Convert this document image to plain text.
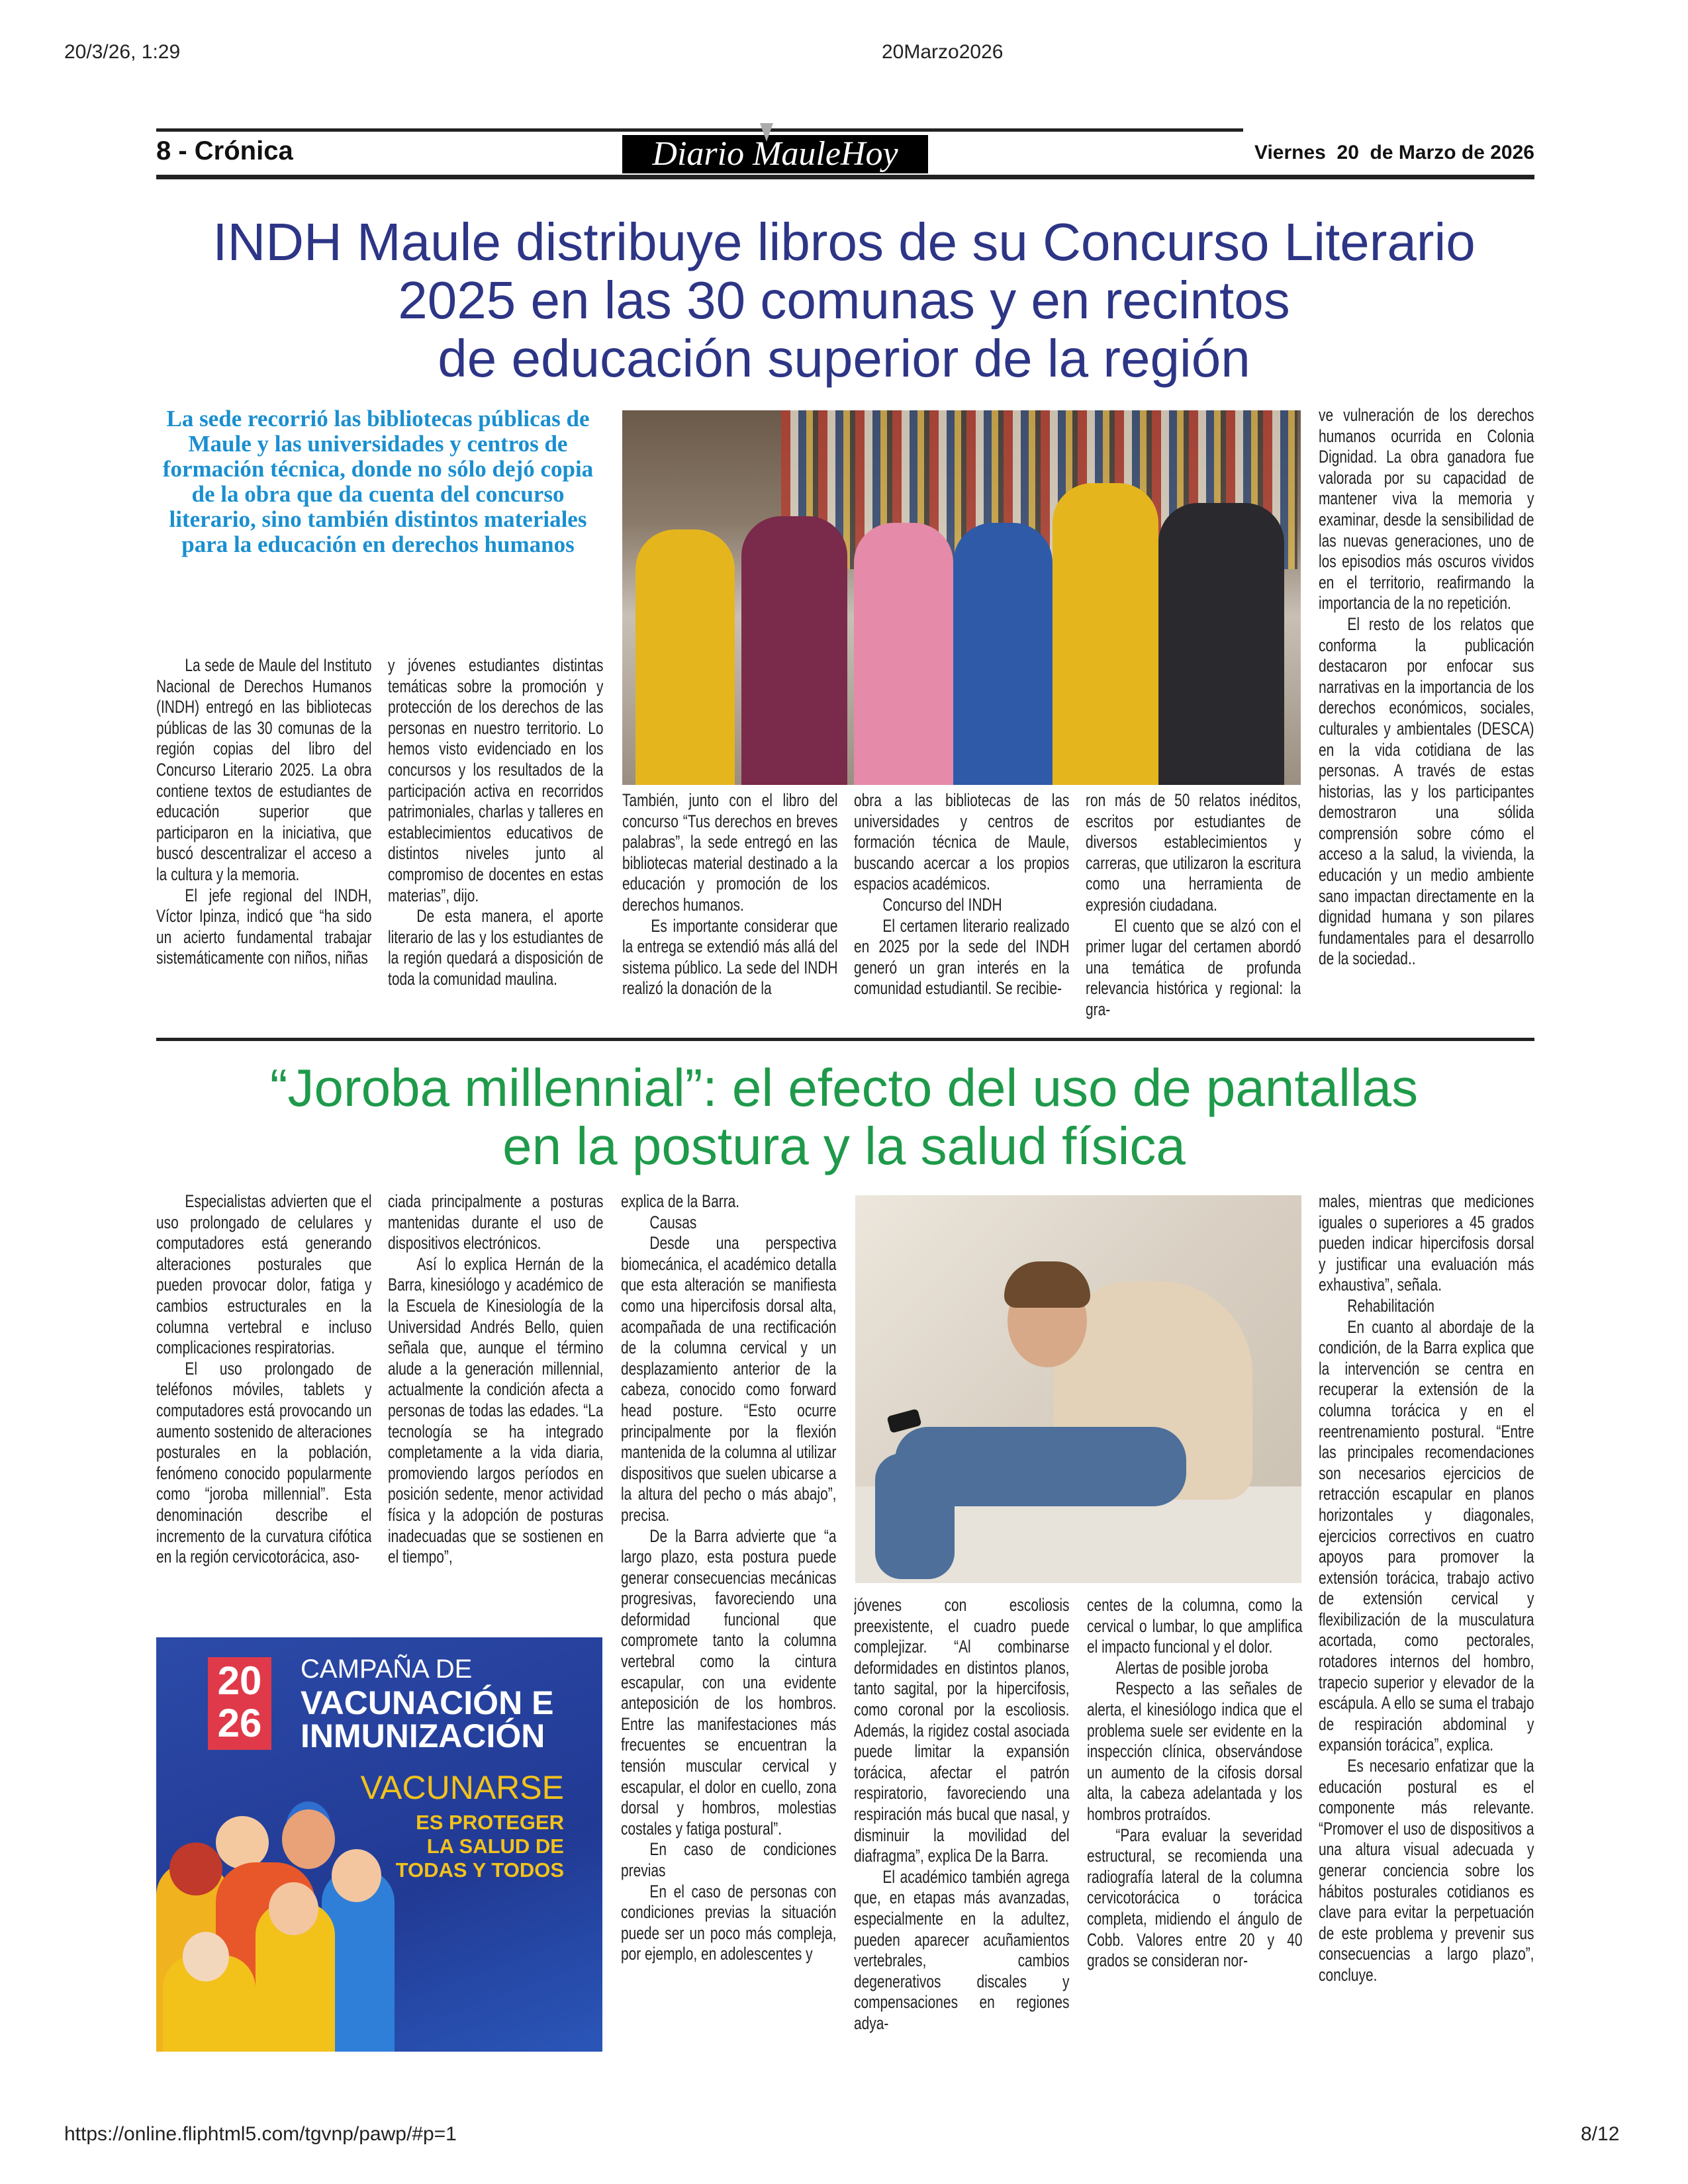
20/3/26, 1:29	20Marzo2026
https://online.fliphtml5.com/tgvnp/pawp/#p=1	8/12
8 - Crónica	Diario MauleHoy	Viernes  20  de Marzo de 2026
INDH Maule distribuye libros de su Concurso Literario
2025 en las 30 comunas y en recintos
de educación superior de la región
La sede recorrió las bibliotecas públicas de Maule y las universidades y centros de formación técnica, donde no sólo dejó copia de la obra que da cuenta del concurso literario, sino también distintos materiales para la educación en derechos humanos

La sede de Maule del Instituto Nacional de Derechos Humanos (INDH) entregó en las bibliotecas públicas de las 30 comunas de la región copias del libro del Concurso Literario 2025. La obra contiene textos de estudiantes de educación superior que participaron en la iniciativa, que buscó descentralizar el acceso a la cultura y la memoria.

El jefe regional del INDH, Víctor Ipinza, indicó que “ha sido un acierto fundamental trabajar sistemáticamente con niños, niñas

y jóvenes estudiantes distintas temáticas sobre la promoción y protección de los derechos de las personas en nuestro territorio. Lo hemos visto evidenciado en los concursos y los resultados de la participación activa en recorridos patrimoniales, charlas y talleres en establecimientos educativos de distintos niveles junto al compromiso de docentes en estas materias”, dijo.

De esta manera, el aporte literario de las y los estudiantes de la región quedará a disposición de toda la comunidad maulina.

También, junto con el libro del concurso “Tus derechos en breves palabras”, la sede entregó en las bibliotecas material destinado a la educación y promoción de los derechos humanos.

Es importante considerar que la entrega se extendió más allá del sistema público. La sede del INDH realizó la donación de la

obra a las bibliotecas de las universidades y centros de formación técnica de Maule, buscando acercar a los propios espacios académicos.

Concurso del INDH

El certamen literario realizado en 2025 por la sede del INDH generó un gran interés en la comunidad estudiantil. Se recibie-

ron más de 50 relatos inéditos, escritos por estudiantes de diversos establecimientos y carreras, que utilizaron la escritura como una herramienta de expresión ciudadana.

El cuento que se alzó con el primer lugar del certamen abordó una temática de profunda relevancia histórica y regional: la gra-

ve vulneración de los derechos humanos ocurrida en Colonia Dignidad. La obra ganadora fue valorada por su capacidad de mantener viva la memoria y examinar, desde la sensibilidad de las nuevas generaciones, uno de los episodios más oscuros vividos en el territorio, reafirmando la importancia de la no repetición.

El resto de los relatos que conforma la publicación destacaron por enfocar sus narrativas en la importancia de los derechos económicos, sociales, culturales y ambientales (DESCA) en la vida cotidiana de las personas. A través de estas historias, las y los participantes demostraron una sólida comprensión sobre cómo el acceso a la salud, la vivienda, la educación y un medio ambiente sano impactan directamente en la dignidad humana y son pilares fundamentales para el desarrollo de la sociedad..

“Joroba millennial”: el efecto del uso de pantallas
en la postura y la salud física

Especialistas advierten que el uso prolongado de celulares y computadores está generando alteraciones posturales que pueden provocar dolor, fatiga y cambios estructurales en la columna vertebral e incluso complicaciones respiratorias.

El uso prolongado de teléfonos móviles, tablets y computadores está provocando un aumento sostenido de alteraciones posturales en la población, fenómeno conocido popularmente como “joroba millennial”. Esta denominación describe el incremento de la curvatura cifótica en la región cervicotorácica, aso-

ciada principalmente a posturas mantenidas durante el uso de dispositivos electrónicos.

Así lo explica Hernán de la Barra, kinesiólogo y académico de la Escuela de Kinesiología de la Universidad Andrés Bello, quien señala que, aunque el término alude a la generación millennial, actualmente la condición afecta a personas de todas las edades. “La tecnología se ha integrado completamente a la vida diaria, promoviendo largos períodos en posición sedente, menor actividad física y la adopción de posturas inadecuadas que se sostienen en el tiempo”,

explica de la Barra.

Causas

Desde una perspectiva biomecánica, el académico detalla que esta alteración se manifiesta como una hipercifosis dorsal alta, acompañada de una rectificación de la columna cervical y un desplazamiento anterior de la cabeza, conocido como forward head posture. “Esto ocurre principalmente por la flexión mantenida de la columna al utilizar dispositivos que suelen ubicarse a la altura del pecho o más abajo”, precisa.

De la Barra advierte que “a largo plazo, esta postura puede generar consecuencias mecánicas progresivas, favoreciendo una deformidad funcional que compromete tanto la columna vertebral como la cintura escapular, con una evidente anteposición de los hombros. Entre las manifestaciones más frecuentes se encuentran la tensión muscular cervical y escapular, el dolor en cuello, zona dorsal y hombros, molestias costales y fatiga postural”.

En caso de condiciones previas

En el caso de personas con condiciones previas la situación puede ser un poco más compleja, por ejemplo, en adolescentes y

jóvenes con escoliosis preexistente, el cuadro puede complejizar. “Al combinarse deformidades en distintos planos, tanto sagital, por la hipercifosis, como coronal por la escoliosis. Además, la rigidez costal asociada puede limitar la expansión torácica, afectar el patrón respiratorio, favoreciendo una respiración más bucal que nasal, y disminuir la movilidad del diafragma”, explica De la Barra.

El académico también agrega que, en etapas más avanzadas, especialmente en la adultez, pueden aparecer acuñamientos vertebrales, cambios degenerativos discales y compensaciones en regiones adya-

centes de la columna, como la cervical o lumbar, lo que amplifica el impacto funcional y el dolor.

Alertas de posible joroba

Respecto a las señales de alerta, el kinesiólogo indica que el problema suele ser evidente en la inspección clínica, observándose un aumento de la cifosis dorsal alta, la cabeza adelantada y los hombros protraídos.

“Para evaluar la severidad estructural, se recomienda una radiografía lateral de la columna cervicotorácica o torácica completa, midiendo el ángulo de Cobb. Valores entre 20 y 40 grados se consideran nor-

males, mientras que mediciones iguales o superiores a 45 grados pueden indicar hipercifosis dorsal y justificar una evaluación más exhaustiva”, señala.

Rehabilitación

En cuanto al abordaje de la condición, de la Barra explica que la intervención se centra en recuperar la extensión de la columna torácica y en el reentrenamiento postural. “Entre las principales recomendaciones son necesarios ejercicios de retracción escapular en planos horizontales y diagonales, ejercicios correctivos en cuatro apoyos para promover la extensión torácica, trabajo activo de extensión cervical y flexibilización de la musculatura acortada, como pectorales, rotadores internos del hombro, trapecio superior y elevador de la escápula. A ello se suma el trabajo de respiración abdominal y expansión torácica”, explica.

Es necesario enfatizar que la educación postural es el componente más relevante. “Promover el uso de dispositivos a una altura visual adecuada y generar conciencia sobre los hábitos posturales cotidianos es clave para evitar la perpetuación de este problema y prevenir sus consecuencias a largo plazo”, concluye.

20
26
CAMPAÑA DE
VACUNACIÓN E
INMUNIZACIÓN
VACUNARSE
ES PROTEGER
LA SALUD DE
TODAS Y TODOS
